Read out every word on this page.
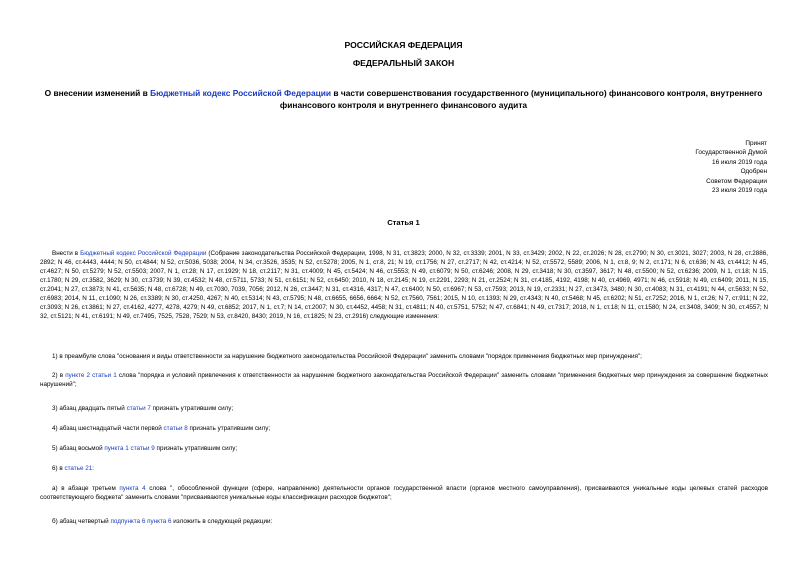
РОССИЙСКАЯ ФЕДЕРАЦИЯ
ФЕДЕРАЛЬНЫЙ ЗАКОН
О внесении изменений в Бюджетный кодекс Российской Федерации в части совершенствования государственного (муниципального) финансового контроля, внутреннего финансового контроля и внутреннего финансового аудита
Принят
Государственной Думой
16 июля 2019 года
Одобрен
Советом Федерации
23 июля 2019 года
Статья 1
Внести в Бюджетный кодекс Российской Федерации (Собрание законодательства Российской Федерации, 1998, N 31, ст.3823; 2000, N 32, ст.3339; 2001, N 33, ст.3429; 2002, N 22, ст.2026; N 28, ст.2790; N 30, ст.3021, 3027; 2003, N 28, ст.2886, 2892; N 46, ст.4443, 4444; N 50, ст.4844; N 52, ст.5036, 5038; 2004, N 34, ст.3526, 3535; N 52, ст.5278; 2005, N 1, ст.8, 21; N 19, ст.1756; N 27, ст.2717; N 42, ст.4214; N 52, ст.5572, 5589; 2006, N 1, ст.8, 9; N 2, ст.171; N 6, ст.636; N 43, ст.4412; N 45, ст.4627; N 50, ст.5279; N 52, ст.5503; 2007, N 1, ст.28; N 17, ст.1929; N 18, ст.2117; N 31, ст.4009; N 45, ст.5424; N 46, ст.5553; N 49, ст.6079; N 50, ст.6246; 2008, N 29, ст.3418; N 30, ст.3597, 3617; N 48, ст.5500; N 52, ст.6236; 2009, N 1, ст.18; N 15, ст.1780; N 29, ст.3582, 3629; N 30, ст.3739; N 39, ст.4532; N 48, ст.5711, 5733; N 51, ст.6151; N 52, ст.6450; 2010, N 18, ст.2145; N 19, ст.2291, 2293; N 21, ст.2524; N 31, ст.4185, 4192, 4198; N 40, ст.4969, 4971; N 46, ст.5918; N 49, ст.6409; 2011, N 15, ст.2041; N 27, ст.3873; N 41, ст.5635; N 48, ст.6728; N 49, ст.7030, 7039, 7056; 2012, N 26, ст.3447; N 31, ст.4316, 4317; N 47, ст.6400; N 50, ст.6967; N 53, ст.7593; 2013, N 19, ст.2331; N 27, ст.3473, 3480; N 30, ст.4083; N 31, ст.4191; N 44, ст.5633; N 52, ст.6983; 2014, N 11, ст.1090; N 26, ст.3389; N 30, ст.4250, 4267; N 40, ст.5314; N 43, ст.5795; N 48, ст.6655, 6656, 6664; N 52, ст.7560, 7561; 2015, N 10, ст.1393; N 29, ст.4343; N 40, ст.5468; N 45, ст.6202; N 51, ст.7252; 2016, N 1, ст.26; N 7, ст.911; N 22, ст.3093; N 26, ст.3861; N 27, ст.4162, 4277, 4278, 4279; N 49, ст.6852; 2017, N 1, ст.7; N 14, ст.2007; N 30, ст.4452, 4458; N 31, ст.4811; N 40, ст.5751, 5752; N 47, ст.6841; N 49, ст.7317; 2018, N 1, ст.18; N 11, ст.1580; N 24, ст.3408, 3409; N 30, ст.4557; N 32, ст.5121; N 41, ст.6191; N 49, ст.7495, 7525, 7528, 7529; N 53, ст.8420, 8430; 2019, N 16, ст.1825; N 23, ст.2916) следующие изменения:
1) в преамбуле слова "основания и виды ответственности за нарушение бюджетного законодательства Российской Федерации" заменить словами "порядок применения бюджетных мер принуждения";
2) в пункте 2 статьи 1 слова "порядка и условий привлечения к ответственности за нарушение бюджетного законодательства Российской Федерации" заменить словами "применения бюджетных мер принуждения за совершение бюджетных нарушений";
3) абзац двадцать пятый статьи 7 признать утратившим силу;
4) абзац шестнадцатый части первой статьи 8 признать утратившим силу;
5) абзац восьмой пункта 1 статьи 9 признать утратившим силу;
6) в статье 21:
а) в абзаце третьем пункта 4 слова ", обособленной функции (сфере, направлению) деятельности органов государственной власти (органов местного самоуправления), присваиваются уникальные коды целевых статей расходов соответствующего бюджета" заменить словами "присваиваются уникальные коды классификации расходов бюджетов";
б) абзац четвертый подпункта 6 пункта 6 изложить в следующей редакции:
